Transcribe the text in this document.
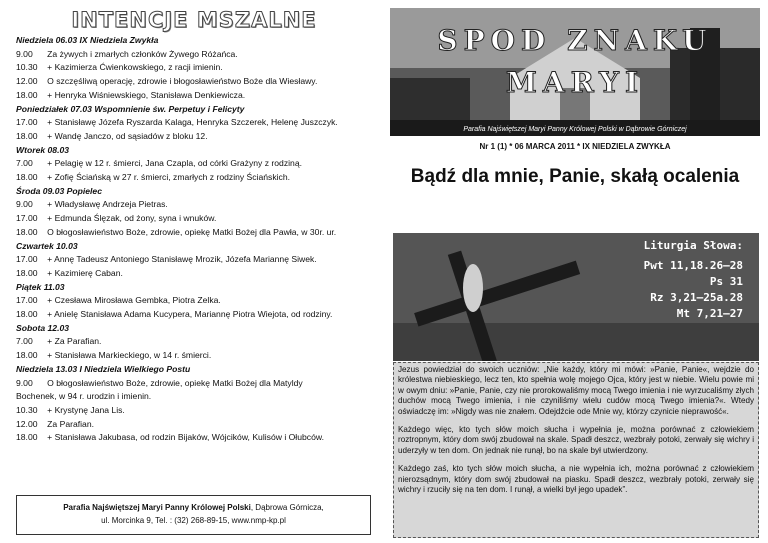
INTENCJE MSZALNE
Niedziela 06.03 IX Niedziela Zwykła
9.00 Za żywych i zmarłych członków Żywego Różańca.
10.30 + Kazimierza Ćwienkowskiego, z racji imienin.
12.00 O szczęśliwą operację, zdrowie i błogosławieństwo Boże dla Wiesławy.
18.00 + Henryka Wiśniewskiego, Stanisława Denkiewicza.
Poniedziałek 07.03 Wspomnienie św. Perpetuy i Felicyty
17.00 + Stanisławę Józefa Ryszarda Kalaga, Henryka Szczerek, Helenę Juszczyk.
18.00 + Wandę Janczo, od sąsiadów z bloku 12.
Wtorek 08.03
7.00 + Pelagię w 12 r. śmierci, Jana Czapla, od córki Grażyny z rodziną.
18.00 + Zofię Ściańską w 27 r. śmierci, zmarłych z rodziny Ściańskich.
Środa 09.03 Popielec
9.00 + Władysławę Andrzeja Pietras.
17.00 + Edmunda Ślęzak, od żony, syna i wnuków.
18.00 O błogosławieństwo Boże, zdrowie, opiekę Matki Bożej dla Pawła, w 30r. ur.
Czwartek 10.03
17.00 + Annę Tadeusz Antoniego Stanisławę Mrozik, Józefa Mariannę Siwek.
18.00 + Kazimierę Caban.
Piątek 11.03
17.00 + Czesława Mirosława Gembka, Piotra Zelka.
18.00 + Anielę Stanisława Adama Kucypera, Mariannę Piotra Wiejota, od rodziny.
Sobota 12.03
7.00 + Za Parafian.
18.00 + Stanisława Markieckiego, w 14 r. śmierci.
Niedziela 13.03 I Niedziela Wielkiego Postu
9.00 O błogosławieństwo Boże, zdrowie, opiekę Matki Bożej dla Matyldy
Bochenek, w 94 r. urodzin i imienin.
10.30 + Krystynę Jana Lis.
12.00 Za Parafian.
18.00 + Stanisława Jakubasa, od rodzin Bijaków, Wójcików, Kulisów i Ołubców.
Parafia Najświętszej Maryi Panny Królowej Polski, Dąbrowa Górnicza,
ul. Morcinka 9, Tel. : (32) 268-89-15, www.nmp-kp.pl
SPOD ZNAKU
MARYI
Parafia Najświętszej Maryi Panny Królowej Polski w Dąbrowie Górniczej
Nr 1 (1) * 06 MARCA 2011 * IX NIEDZIELA ZWYKŁA
Bądź dla mnie, Panie, skałą ocalenia
Liturgia Słowa:
Pwt 11,18.26–28
Ps 31
Rz 3,21–25a.28
Mt 7,21–27

Jezus powiedział do swoich uczniów: „Nie każdy, który mi mówi: »Panie, Panie«, wejdzie do królestwa niebieskiego, lecz ten, kto spełnia wolę mojego Ojca, który jest w niebie. Wielu powie mi w owym dniu: »Panie, Panie, czy nie prorokowaliśmy mocą Twego imienia i nie wyrzucaliśmy złych duchów mocą Twego imienia, i nie czyniliśmy wielu cudów mocą Twego imienia?«. Wtedy oświadczę im: »Nigdy was nie znałem. Odejdźcie ode Mnie wy, którzy czynicie nieprawość«.

Każdego więc, kto tych słów moich słucha i wypełnia je, można porównać z człowiekiem roztropnym, który dom swój zbudował na skale. Spadł deszcz, wezbrały potoki, zerwały się wichry i uderzyły w ten dom. On jednak nie runął, bo na skale był utwierdzony.

Każdego zaś, kto tych słów moich słucha, a nie wypełnia ich, można porównać z człowiekiem nierozsądnym, który dom swój zbudował na piasku. Spadł deszcz, wezbrały potoki, zerwały się wichry i rzuciły się na ten dom. I runął, a wielki był jego upadek”.
